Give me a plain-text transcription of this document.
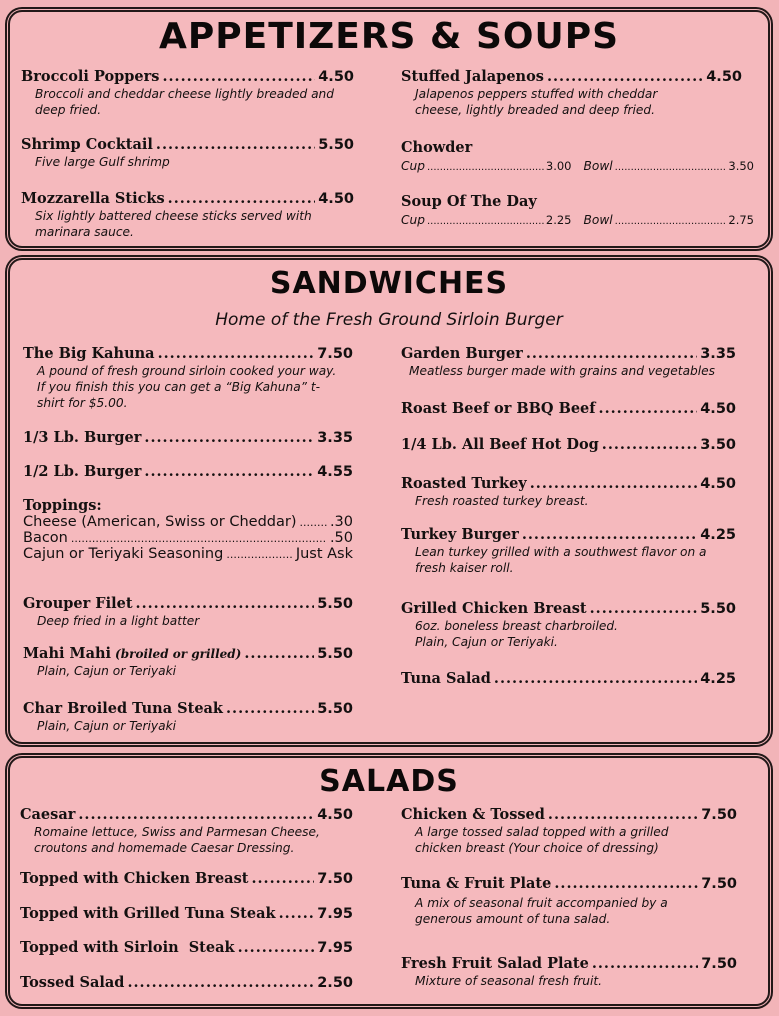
APPETIZERS & SOUPS
Broccoli Poppers .....	4.50
Broccoli and cheddar cheese lightly breaded and deep fried.
Shrimp Cocktail .....	5.50
Five large Gulf shrimp
Mozzarella Sticks .....	4.50
Six lightly battered cheese sticks served with marinara sauce.
Stuffed Jalapenos .....	4.50
Jalapenos peppers stuffed with cheddar cheese, lightly breaded and deep fried.
Chowder
Cup .....	3.00 Bowl .....	3.50
Soup Of The Day
Cup .....	2.25 Bowl .....	2.75
SANDWICHES
Home of the Fresh Ground Sirloin Burger
The Big Kahuna .....	7.50
A pound of fresh ground sirloin cooked your way. If you finish this you can get a “Big Kahuna” t-shirt for $5.00.
1/3 Lb. Burger .....	3.35
1/2 Lb. Burger .....	4.55
Toppings:
Cheese (American, Swiss or Cheddar) ..... .30
Bacon .....	.50
Cajun or Teriyaki Seasoning .....	Just Ask
Grouper Filet .....	5.50
Deep fried in a light batter
Mahi Mahi (broiled or grilled) .....	5.50
Plain, Cajun or Teriyaki
Char Broiled Tuna Steak .....	5.50
Plain, Cajun or Teriyaki
Garden Burger .....	3.35
Meatless burger made with grains and vegetables
Roast Beef or BBQ Beef .....	4.50
1/4 Lb. All Beef Hot Dog .....	3.50
Roasted Turkey .....	4.50
Fresh roasted turkey breast.
Turkey Burger .....	4.25
Lean turkey grilled with a southwest flavor on a fresh kaiser roll.
Grilled Chicken Breast .....	5.50
6oz. boneless breast charbroiled.
Plain, Cajun or Teriyaki.
Tuna Salad .....	4.25
SALADS
Caesar .....	4.50
Romaine lettuce, Swiss and Parmesan Cheese, croutons and homemade Caesar Dressing.
Topped with Chicken Breast .....	7.50
Topped with Grilled Tuna Steak .....	7.95
Topped with Sirloin  Steak .....	7.95
Tossed Salad .....	2.50
Chicken & Tossed .....	7.50
A large tossed salad topped with a grilled chicken breast (Your choice of dressing)
Tuna & Fruit Plate .....	7.50
A mix of seasonal fruit accompanied by a generous amount of tuna salad.
Fresh Fruit Salad Plate .....	7.50
Mixture of seasonal fresh fruit.
